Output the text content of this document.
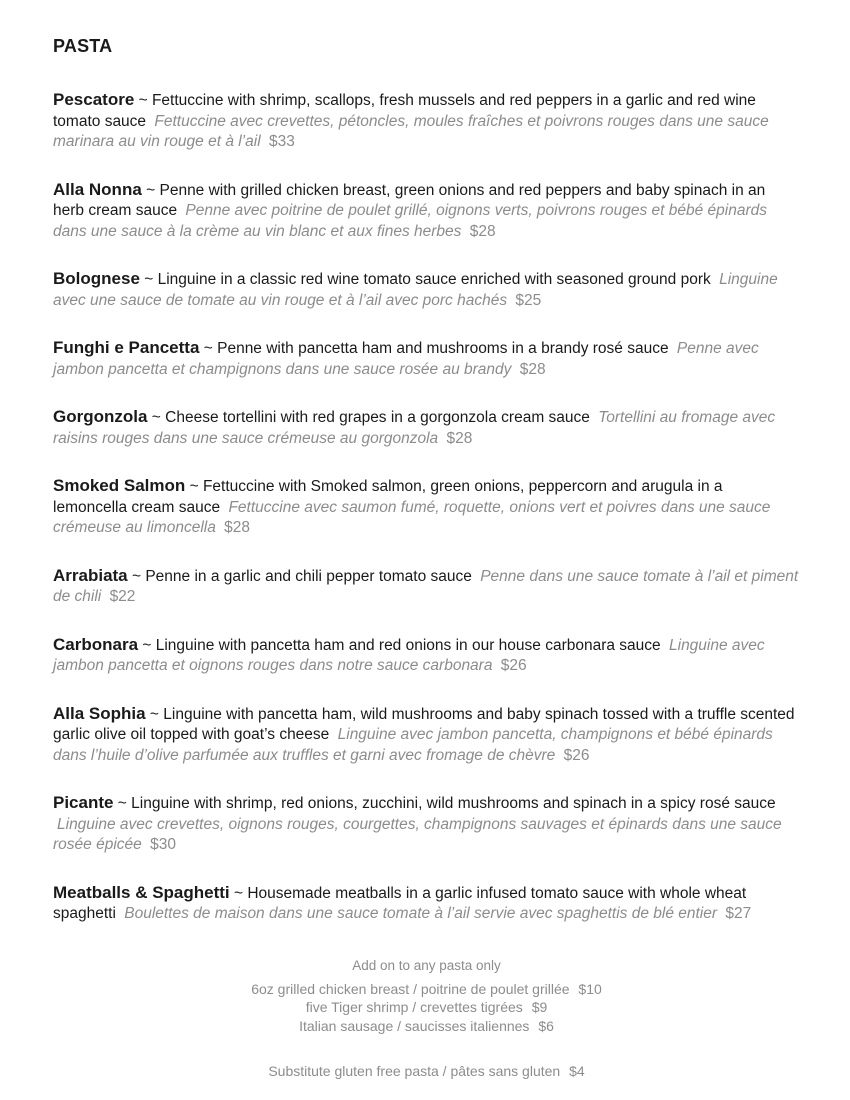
PASTA

Pescatore ~ Fettuccine with shrimp, scallops, fresh mussels and red peppers in a garlic and red wine tomato sauce Fettuccine avec crevettes, pétoncles, moules fraîches et poivrons rouges dans une sauce marinara au vin rouge et à l’ail $33

Alla Nonna ~ Penne with grilled chicken breast, green onions and red peppers and baby spinach in an herb cream sauce Penne avec poitrine de poulet grillé, oignons verts, poivrons rouges et bébé épinards dans une sauce à la crème au vin blanc et aux fines herbes $28

Bolognese ~ Linguine in a classic red wine tomato sauce enriched with seasoned ground pork Linguine avec une sauce de tomate au vin rouge et à l’ail avec porc hachés $25

Funghi e Pancetta ~ Penne with pancetta ham and mushrooms in a brandy rosé sauce Penne avec jambon pancetta et champignons dans une sauce rosée au brandy $28

Gorgonzola ~ Cheese tortellini with red grapes in a gorgonzola cream sauce Tortellini au fromage avec raisins rouges dans une sauce crémeuse au gorgonzola $28

Smoked Salmon ~ Fettuccine with Smoked salmon, green onions, peppercorn and arugula in a lemoncella cream sauce Fettuccine avec saumon fumé, roquette, onions vert et poivres dans une sauce crémeuse au limoncella $28

Arrabiata ~ Penne in a garlic and chili pepper tomato sauce Penne dans une sauce tomate à l’ail et piment de chili $22

Carbonara ~ Linguine with pancetta ham and red onions in our house carbonara sauce Linguine avec jambon pancetta et oignons rouges dans notre sauce carbonara $26

Alla Sophia ~ Linguine with pancetta ham, wild mushrooms and baby spinach tossed with a truffle scented garlic olive oil topped with goat’s cheese Linguine avec jambon pancetta, champignons et bébé épinards dans l’huile d’olive parfumée aux truffles et garni avec fromage de chèvre $26

Picante ~ Linguine with shrimp, red onions, zucchini, wild mushrooms and spinach in a spicy rosé sauce Linguine avec crevettes, oignons rouges, courgettes, champignons sauvages et épinards dans une sauce rosée épicée $30

Meatballs & Spaghetti ~ Housemade meatballs in a garlic infused tomato sauce with whole wheat spaghetti Boulettes de maison dans une sauce tomate à l’ail servie avec spaghettis de blé entier $27

Add on to any pasta only

6oz grilled chicken breast / poitrine de poulet grillée $10

five Tiger shrimp / crevettes tigrées $9

Italian sausage / saucisses italiennes $6

Substitute gluten free pasta / pâtes sans gluten $4
